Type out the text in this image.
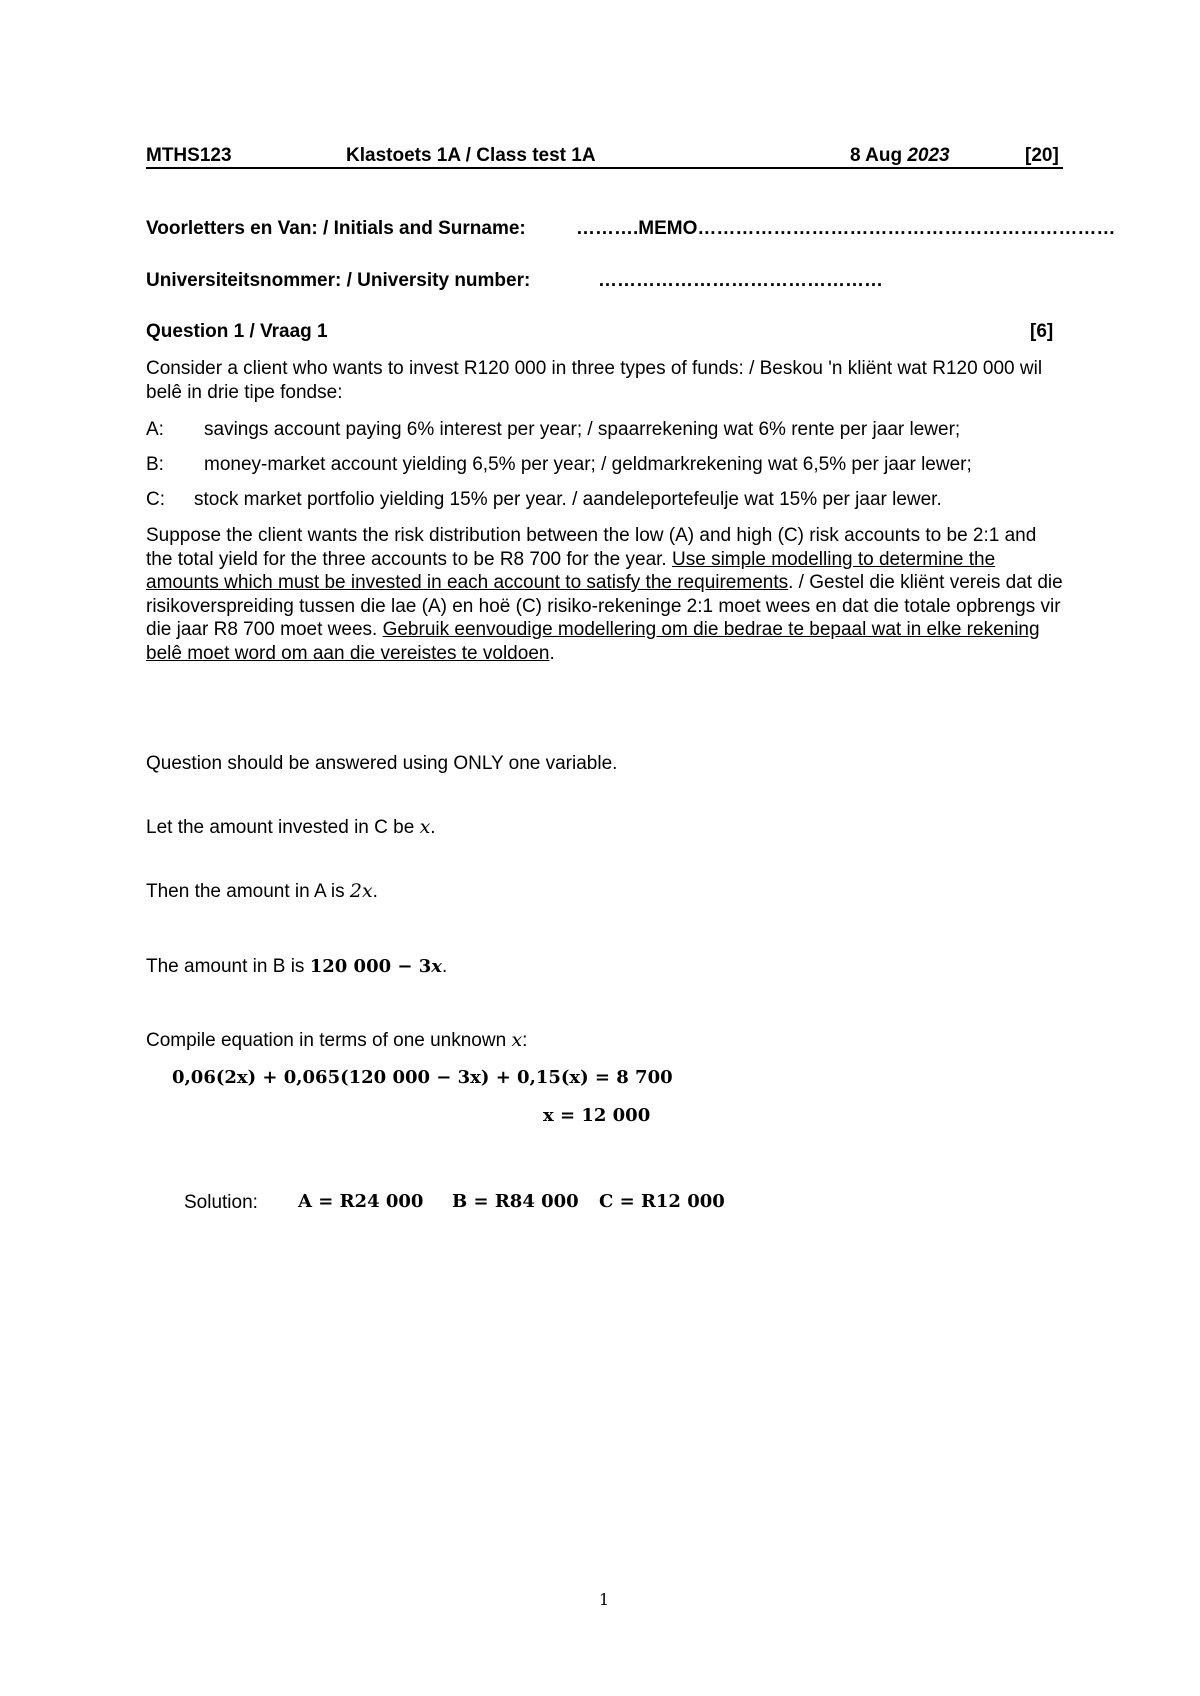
MTHS123	Klastoets 1A / Class test 1A	8 Aug 2023	[20]
Voorletters en Van: / Initials and Surname:	……….MEMO…………………………………………………………
Universiteitsnommer: / University number:	………………………………………
Question 1 / Vraag 1	[6]
Consider a client who wants to invest R120 000 in three types of funds: / Beskou 'n kliënt wat R120 000 wil belê in drie tipe fondse:
A: savings account paying 6% interest per year; / spaarrekening wat 6% rente per jaar lewer;
B: money-market account yielding 6,5% per year; / geldmarkrekening wat 6,5% per jaar lewer;
C: stock market portfolio yielding 15% per year. / aandeleportefeulje wat 15% per jaar lewer.
Suppose the client wants the risk distribution between the low (A) and high (C) risk accounts to be 2:1 and the total yield for the three accounts to be R8 700 for the year. Use simple modelling to determine the amounts which must be invested in each account to satisfy the requirements. / Gestel die kliënt vereis dat die risikoverspreiding tussen die lae (A) en hoë (C) risiko-rekeninge 2:1 moet wees en dat die totale opbrengs vir die jaar R8 700 moet wees. Gebruik eenvoudige modellering om die bedrae te bepaal wat in elke rekening belê moet word om aan die vereistes te voldoen.
Question should be answered using ONLY one variable.
Let the amount invested in C be x.
Then the amount in A is 2x.
The amount in B is 120 000 − 3x.
Compile equation in terms of one unknown x:
0,06(2x) + 0,065(120 000 − 3x) + 0,15(x) = 8 700
x = 12 000
Solution: A = R24 000 B = R84 000 C = R12 000
1
